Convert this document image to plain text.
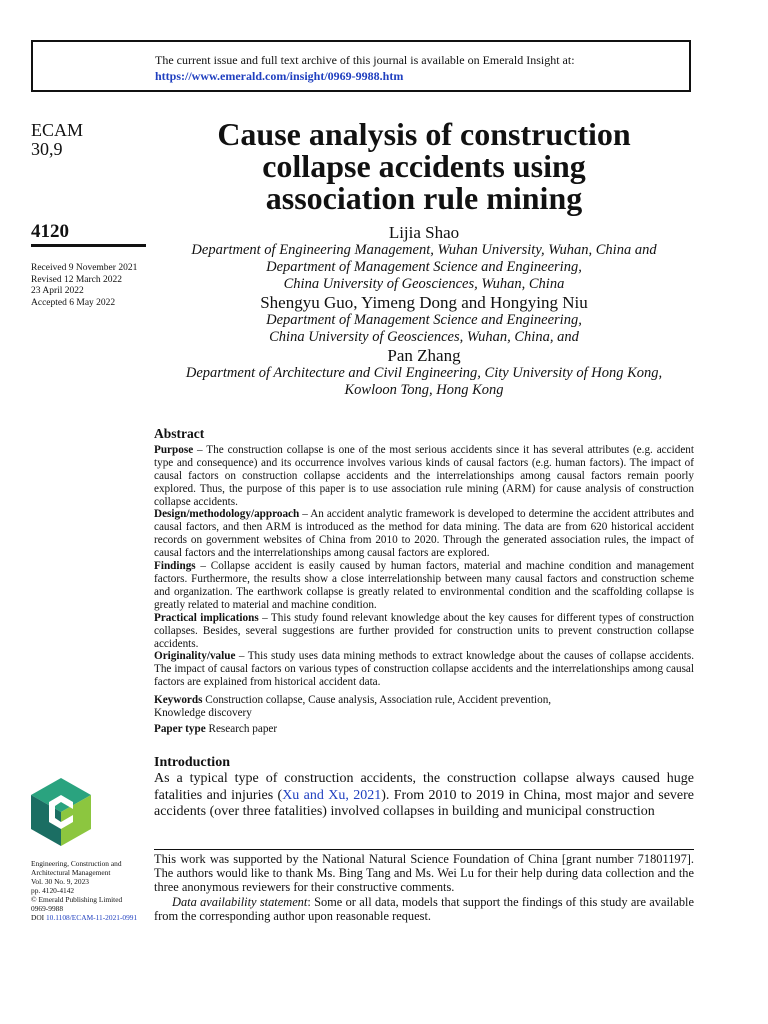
The current issue and full text archive of this journal is available on Emerald Insight at:
https://www.emerald.com/insight/0969-9988.htm
ECAM
30,9
4120
Received 9 November 2021
Revised 12 March 2022
23 April 2022
Accepted 6 May 2022
Cause analysis of construction
collapse accidents using
association rule mining
Lijia Shao
Department of Engineering Management, Wuhan University, Wuhan, China and
Department of Management Science and Engineering,
China University of Geosciences, Wuhan, China
Shengyu Guo, Yimeng Dong and Hongying Niu
Department of Management Science and Engineering,
China University of Geosciences, Wuhan, China, and
Pan Zhang
Department of Architecture and Civil Engineering, City University of Hong Kong,
Kowloon Tong, Hong Kong
Abstract

Purpose – The construction collapse is one of the most serious accidents since it has several attributes (e.g. accident type and consequence) and its occurrence involves various kinds of causal factors (e.g. human factors). The impact of causal factors on construction collapse accidents and the interrelationships among causal factors remain poorly explored. Thus, the purpose of this paper is to use association rule mining (ARM) for cause analysis of construction collapse accidents.

Design/methodology/approach – An accident analytic framework is developed to determine the accident attributes and causal factors, and then ARM is introduced as the method for data mining. The data are from 620 historical accident records on government websites of China from 2010 to 2020. Through the generated association rules, the impact of causal factors and the interrelationships among causal factors are explored.

Findings – Collapse accident is easily caused by human factors, material and machine condition and management factors. Furthermore, the results show a close interrelationship between many causal factors and construction scheme and organization. The earthwork collapse is greatly related to environmental condition and the scaffolding collapse is greatly related to material and machine condition.

Practical implications – This study found relevant knowledge about the key causes for different types of construction collapses. Besides, several suggestions are further provided for construction units to prevent construction collapse accidents.

Originality/value – This study uses data mining methods to extract knowledge about the causes of collapse accidents. The impact of causal factors on various types of construction collapse accidents and the interrelationships among causal factors are explained from historical accident data.

Keywords Construction collapse, Cause analysis, Association rule, Accident prevention,

Knowledge discovery

Paper type Research paper

Introduction

As a typical type of construction accidents, the construction collapse always caused huge fatalities and injuries (Xu and Xu, 2021). From 2010 to 2019 in China, most major and severe accidents (over three fatalities) involved collapses in building and municipal construction

This work was supported by the National Natural Science Foundation of China [grant number 71801197]. The authors would like to thank Ms. Bing Tang and Ms. Wei Lu for their help during data collection and the three anonymous reviewers for their constructive comments.

Data availability statement: Some or all data, models that support the findings of this study are available from the corresponding author upon reasonable request.

Engineering, Construction and
Architectural Management
Vol. 30 No. 9, 2023
pp. 4120-4142
© Emerald Publishing Limited
0969-9988
DOI 10.1108/ECAM-11-2021-0991
